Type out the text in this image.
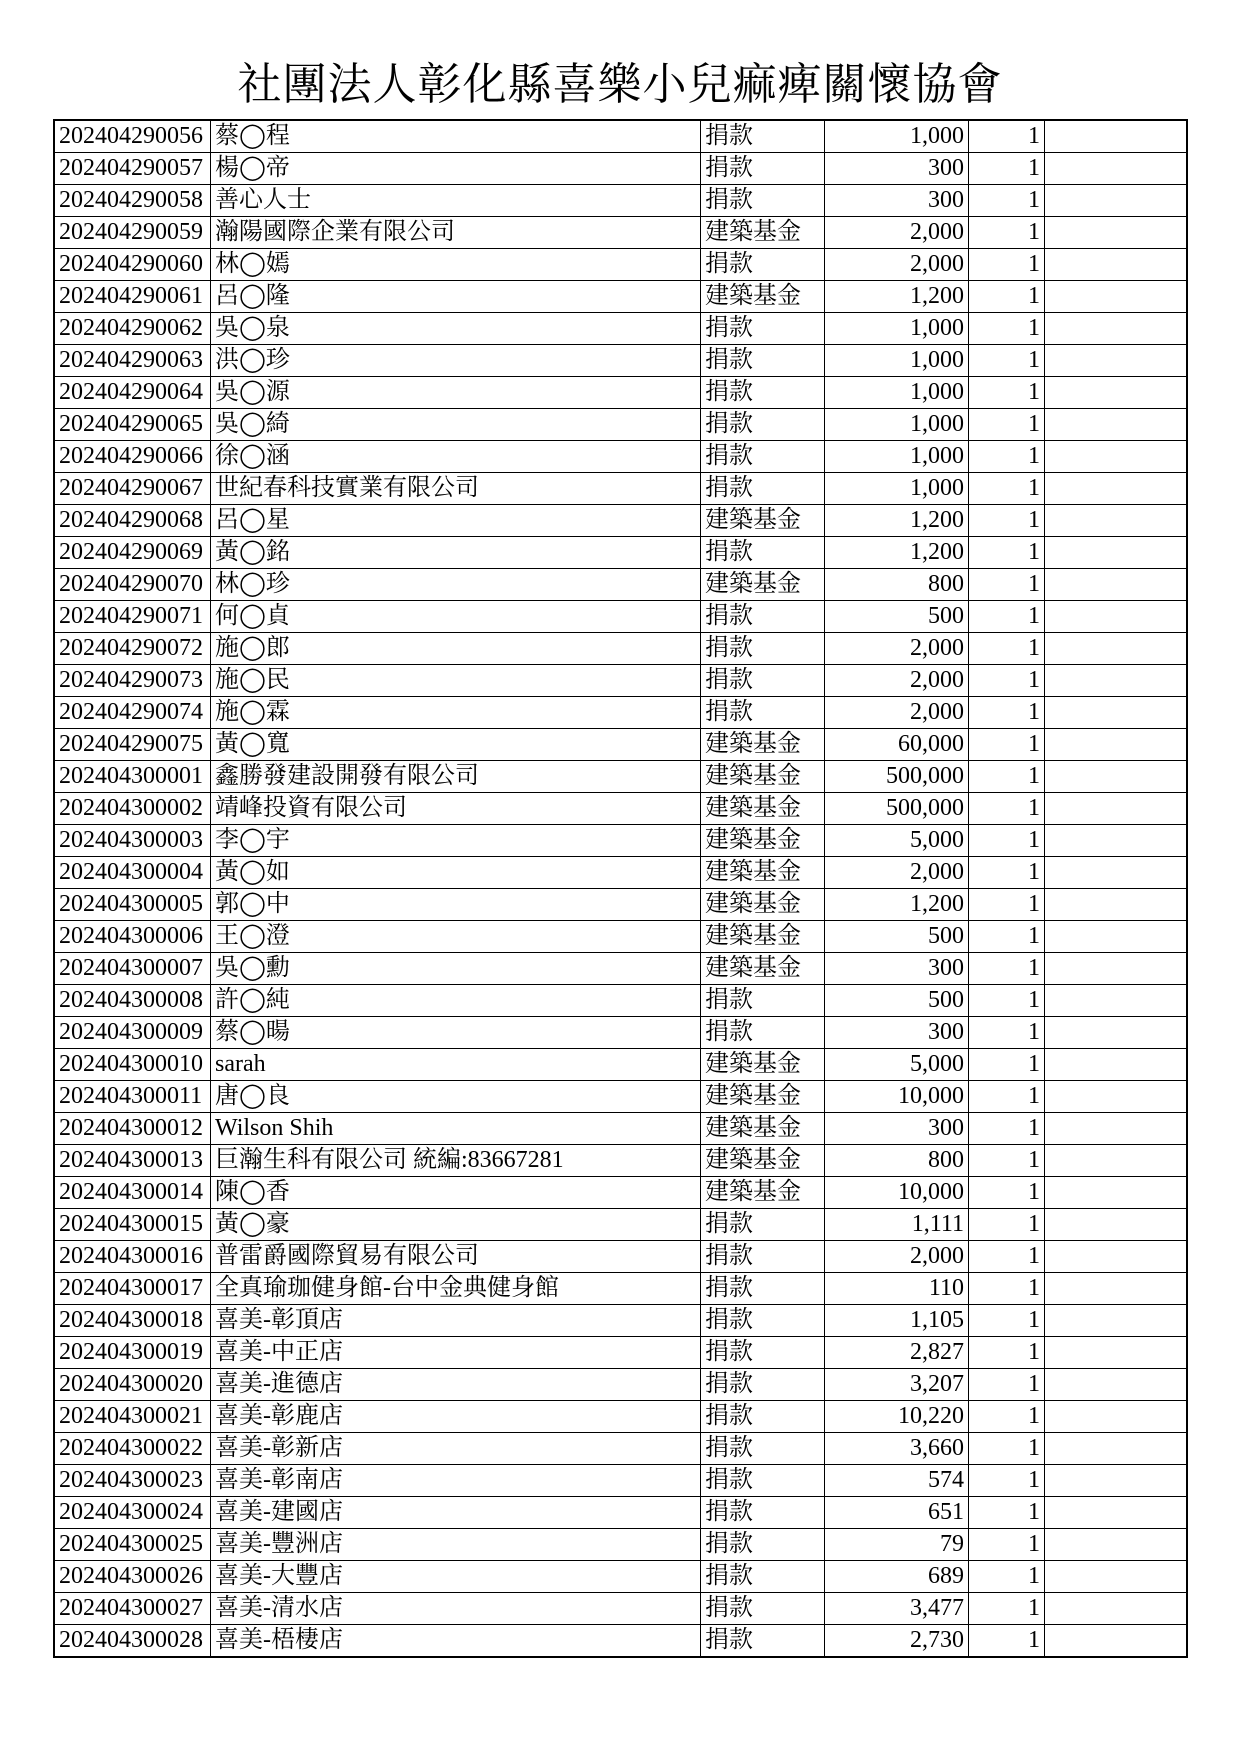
社團法人彰化縣喜樂小兒痲痺關懷協會
202404290056	蔡◯程	捐款	1,000	1	
202404290057	楊◯帝	捐款	300	1	
202404290058	善心人士	捐款	300	1	
202404290059	瀚陽國際企業有限公司	建築基金	2,000	1	
202404290060	林◯嫣	捐款	2,000	1	
202404290061	呂◯隆	建築基金	1,200	1	
202404290062	吳◯泉	捐款	1,000	1	
202404290063	洪◯珍	捐款	1,000	1	
202404290064	吳◯源	捐款	1,000	1	
202404290065	吳◯綺	捐款	1,000	1	
202404290066	徐◯涵	捐款	1,000	1	
202404290067	世紀春科技實業有限公司	捐款	1,000	1	
202404290068	呂◯星	建築基金	1,200	1	
202404290069	黃◯銘	捐款	1,200	1	
202404290070	林◯珍	建築基金	800	1	
202404290071	何◯貞	捐款	500	1	
202404290072	施◯郎	捐款	2,000	1	
202404290073	施◯民	捐款	2,000	1	
202404290074	施◯霖	捐款	2,000	1	
202404290075	黃◯寬	建築基金	60,000	1	
202404300001	鑫勝發建設開發有限公司	建築基金	500,000	1	
202404300002	靖峰投資有限公司	建築基金	500,000	1	
202404300003	李◯宇	建築基金	5,000	1	
202404300004	黃◯如	建築基金	2,000	1	
202404300005	郭◯中	建築基金	1,200	1	
202404300006	王◯澄	建築基金	500	1	
202404300007	吳◯勳	建築基金	300	1	
202404300008	許◯純	捐款	500	1	
202404300009	蔡◯暘	捐款	300	1	
202404300010	sarah	建築基金	5,000	1	
202404300011	唐◯良	建築基金	10,000	1	
202404300012	Wilson Shih	建築基金	300	1	
202404300013	巨瀚生科有限公司 統編:83667281	建築基金	800	1	
202404300014	陳◯香	建築基金	10,000	1	
202404300015	黃◯豪	捐款	1,111	1	
202404300016	普雷爵國際貿易有限公司	捐款	2,000	1	
202404300017	全真瑜珈健身館-台中金典健身館	捐款	110	1	
202404300018	喜美-彰頂店	捐款	1,105	1	
202404300019	喜美-中正店	捐款	2,827	1	
202404300020	喜美-進德店	捐款	3,207	1	
202404300021	喜美-彰鹿店	捐款	10,220	1	
202404300022	喜美-彰新店	捐款	3,660	1	
202404300023	喜美-彰南店	捐款	574	1	
202404300024	喜美-建國店	捐款	651	1	
202404300025	喜美-豐洲店	捐款	79	1	
202404300026	喜美-大豐店	捐款	689	1	
202404300027	喜美-清水店	捐款	3,477	1	
202404300028	喜美-梧棲店	捐款	2,730	1	
